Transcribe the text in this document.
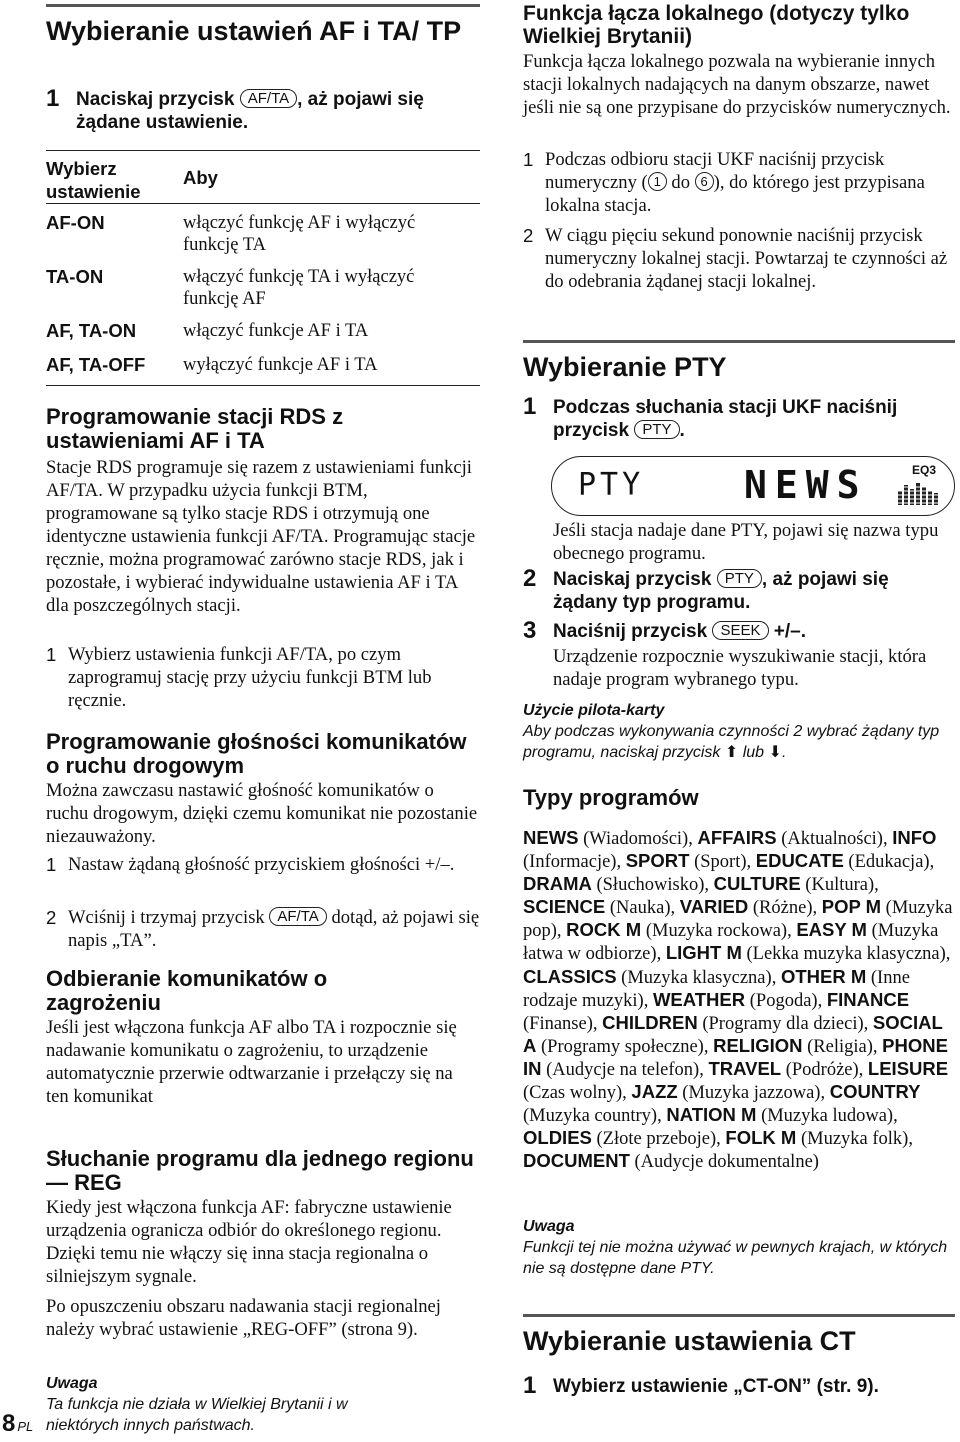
Wybieranie ustawień AF i TA/ TP
1 Naciskaj przycisk AF/TA , aż pojawi się żądane ustawienie.
Wybierz ustawienie	Aby
AF-ON	włączyć funkcję AF i wyłączyć funkcję TA
TA-ON	włączyć funkcję TA i wyłączyć funkcję AF
AF, TA-ON	włączyć funkcje AF i TA
AF, TA-OFF	wyłączyć funkcje AF i TA
Programowanie stacji RDS z ustawieniami AF i TA

Stacje RDS programuje się razem z ustawieniami funkcji AF/TA. W przypadku użycia funkcji BTM, programowane są tylko stacje RDS i otrzymują one identyczne ustawienia funkcji AF/TA. Programując stacje ręcznie, można programować zarówno stacje RDS, jak i pozostałe, i wybierać indywidualne ustawienia AF i TA dla poszczególnych stacji.

1 Wybierz ustawienia funkcji AF/TA, po czym zaprogramuj stację przy użyciu funkcji BTM lub ręcznie.
Programowanie głośności komunikatów o ruchu drogowym

Można zawczasu nastawić głośność komunikatów o ruchu drogowym, dzięki czemu komunikat nie pozostanie niezauważony.

1 Nastaw żądaną głośność przyciskiem głośności +/–.
2 Wciśnij i trzymaj przycisk AF/TA dotąd, aż pojawi się napis „TA”.
Odbieranie komunikatów o zagrożeniu

Jeśli jest włączona funkcja AF albo TA i rozpocznie się nadawanie komunikatu o zagrożeniu, to urządzenie automatycznie przerwie odtwarzanie i przełączy się na ten komunikat

Słuchanie programu dla jednego regionu — REG

Kiedy jest włączona funkcja AF: fabryczne ustawienie urządzenia ogranicza odbiór do określonego regionu. Dzięki temu nie włączy się inna stacja regionalna o silniejszym sygnale.

Po opuszczeniu obszaru nadawania stacji regionalnej należy wybrać ustawienie „REG-OFF” (strona 9).

Uwaga
Ta funkcja nie działa w Wielkiej Brytanii i w niektórych innych państwach.
8 PL
Funkcja łącza lokalnego (dotyczy tylko Wielkiej Brytanii)

Funkcja łącza lokalnego pozwala na wybieranie innych stacji lokalnych nadających na danym obszarze, nawet jeśli nie są one przypisane do przycisków numerycznych.

1 Podczas odbioru stacji UKF naciśnij przycisk numeryczny ( 1 do 6 ), do którego jest przypisana lokalna stacja.
2 W ciągu pięciu sekund ponownie naciśnij przycisk numeryczny lokalnej stacji. Powtarzaj te czynności aż do odebrania żądanej stacji lokalnej.
Wybieranie PTY
1 Podczas słuchania stacji UKF naciśnij przycisk PTY .
PTY	NEWS	EQ3

Jeśli stacja nadaje dane PTY, pojawi się nazwa typu obecnego programu.

2 Naciskaj przycisk PTY , aż pojawi się żądany typ programu.
3 Naciśnij przycisk SEEK +/–.

Urządzenie rozpocznie wyszukiwanie stacji, która nadaje program wybranego typu.

Użycie pilota-karty
Aby podczas wykonywania czynności 2 wybrać żądany typ programu, naciskaj przycisk ⬆ lub ⬇.
Typy programów
NEWS (Wiadomości), AFFAIRS (Aktualności), INFO (Informacje), SPORT (Sport), EDUCATE (Edukacja), DRAMA (Słuchowisko), CULTURE (Kultura), SCIENCE (Nauka), VARIED (Różne), POP M (Muzyka pop), ROCK M (Muzyka rockowa), EASY M (Muzyka łatwa w odbiorze), LIGHT M (Lekka muzyka klasyczna), CLASSICS (Muzyka klasyczna), OTHER M (Inne rodzaje muzyki), WEATHER (Pogoda), FINANCE (Finanse), CHILDREN (Programy dla dzieci), SOCIAL A (Programy społeczne), RELIGION (Religia), PHONE IN (Audycje na telefon), TRAVEL (Podróże), LEISURE (Czas wolny), JAZZ (Muzyka jazzowa), COUNTRY (Muzyka country), NATION M (Muzyka ludowa), OLDIES (Złote przeboje), FOLK M (Muzyka folk), DOCUMENT (Audycje dokumentalne)
Uwaga
Funkcji tej nie można używać w pewnych krajach, w których nie są dostępne dane PTY.
Wybieranie ustawienia CT
1 Wybierz ustawienie „CT-ON” (str. 9).
